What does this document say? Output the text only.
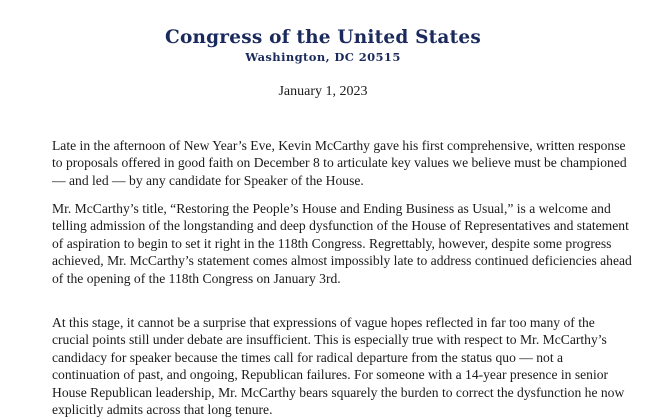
Congress of the United States
Washington, DC 20515
January 1, 2023

Late in the afternoon of New Year’s Eve, Kevin McCarthy gave his first comprehensive, written response to proposals offered in good faith on December 8 to articulate key values we believe must be championed — and led — by any candidate for Speaker of the House.

Mr. McCarthy’s title, “Restoring the People’s House and Ending Business as Usual,” is a welcome and telling admission of the longstanding and deep dysfunction of the House of Representatives and statement of aspiration to begin to set it right in the 118th Congress. Regrettably, however, despite some progress achieved, Mr. McCarthy’s statement comes almost impossibly late to address continued deficiencies ahead of the opening of the 118th Congress on January 3rd.

At this stage, it cannot be a surprise that expressions of vague hopes reflected in far too many of the crucial points still under debate are insufficient. This is especially true with respect to Mr. McCarthy’s candidacy for speaker because the times call for radical departure from the status quo — not a continuation of past, and ongoing, Republican failures. For someone with a 14-year presence in senior House Republican leadership, Mr. McCarthy bears squarely the burden to correct the dysfunction he now explicitly admits across that long tenure.
